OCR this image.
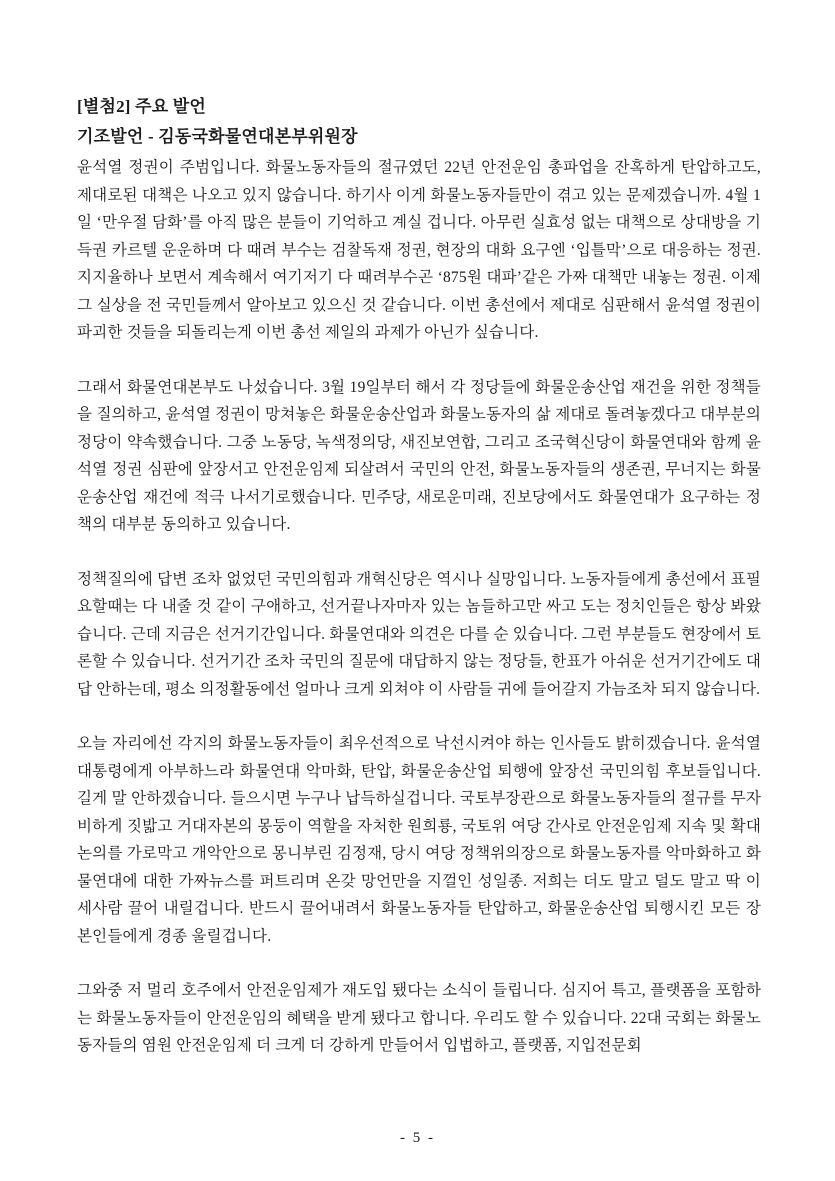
[별첨2] 주요 발언
기조발언 - 김동국화물연대본부위원장

윤석열 정권이 주범입니다. 화물노동자들의 절규였던 22년 안전운임 총파업을 잔혹하게 탄압하고도, 제대로된 대책은 나오고 있지 않습니다. 하기사 이게 화물노동자들만이 겪고 있는 문제겠습니까. 4월 1일 ‘만우절 담화’를 아직 많은 분들이 기억하고 계실 겁니다. 아무런 실효성 없는 대책으로 상대방을 기득권 카르텔 운운하며 다 때려 부수는 검찰독재 정권, 현장의 대화 요구엔 ‘입틀막’으로 대응하는 정권. 지지율하나 보면서 계속해서 여기저기 다 때려부수곤 ‘875원 대파’같은 가짜 대책만 내놓는 정권. 이제 그 실상을 전 국민들께서 알아보고 있으신 것 같습니다. 이번 총선에서 제대로 심판해서 윤석열 정권이 파괴한 것들을 되돌리는게 이번 총선 제일의 과제가 아닌가 싶습니다.

그래서 화물연대본부도 나섰습니다. 3월 19일부터 해서 각 정당들에 화물운송산업 재건을 위한 정책들을 질의하고, 윤석열 정권이 망쳐놓은 화물운송산업과 화물노동자의 삶 제대로 돌려놓겠다고 대부분의 정당이 약속했습니다. 그중 노동당, 녹색정의당, 새진보연합, 그리고 조국혁신당이 화물연대와 함께 윤석열 정권 심판에 앞장서고 안전운임제 되살려서 국민의 안전, 화물노동자들의 생존권, 무너지는 화물운송산업 재건에 적극 나서기로했습니다. 민주당, 새로운미래, 진보당에서도 화물연대가 요구하는 정책의 대부분 동의하고 있습니다.

정책질의에 답변 조차 없었던 국민의힘과 개혁신당은 역시나 실망입니다. 노동자들에게 총선에서 표필요할때는 다 내줄 것 같이 구애하고, 선거끝나자마자 있는 놈들하고만 싸고 도는 정치인들은 항상 봐왔습니다. 근데 지금은 선거기간입니다. 화물연대와 의견은 다를 순 있습니다. 그런 부분들도 현장에서 토론할 수 있습니다. 선거기간 조차 국민의 질문에 대답하지 않는 정당들, 한표가 아쉬운 선거기간에도 대답 안하는데, 평소 의정활동에선 얼마나 크게 외쳐야 이 사람들 귀에 들어갈지 가늠조차 되지 않습니다.

오늘 자리에선 각지의 화물노동자들이 최우선적으로 낙선시켜야 하는 인사들도 밝히겠습니다. 윤석열 대통령에게 아부하느라 화물연대 악마화, 탄압, 화물운송산업 퇴행에 앞장선 국민의힘 후보들입니다. 길게 말 안하겠습니다. 들으시면 누구나 납득하실겁니다. 국토부장관으로 화물노동자들의 절규를 무자비하게 짓밟고 거대자본의 몽둥이 역할을 자처한 원희룡, 국토위 여당 간사로 안전운임제 지속 및 확대 논의를 가로막고 개악안으로 몽니부린 김정재, 당시 여당 정책위의장으로 화물노동자를 악마화하고 화물연대에 대한 가짜뉴스를 퍼트리며 온갖 망언만을 지껄인 성일종. 저희는 더도 말고 덜도 말고 딱 이 세사람 끌어 내릴겁니다. 반드시 끌어내려서 화물노동자들 탄압하고, 화물운송산업 퇴행시킨 모든 장본인들에게 경종 울릴겁니다.

그와중 저 멀리 호주에서 안전운임제가 재도입 됐다는 소식이 들립니다. 심지어 특고, 플랫폼을 포함하는 화물노동자들이 안전운임의 혜택을 받게 됐다고 합니다. 우리도 할 수 있습니다. 22대 국회는 화물노동자들의 염원 안전운임제 더 크게 더 강하게 만들어서 입법하고, 플랫폼, 지입전문회

- 5 -
